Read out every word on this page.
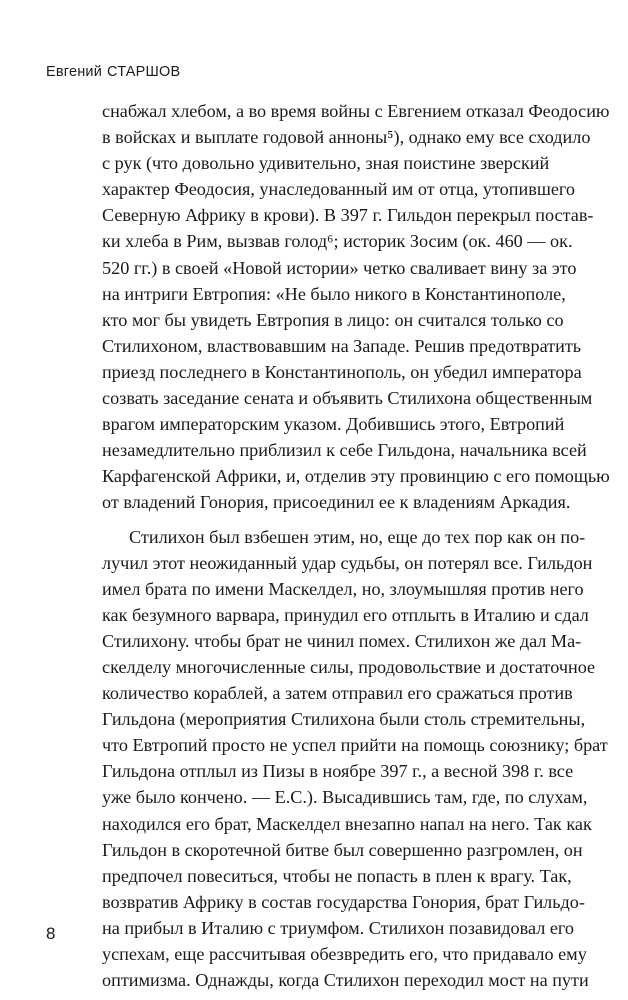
Евгений СТАРШОВ
снабжал хлебом, а во время войны с Евгением отказал Феодосию
в войсках и выплате годовой анноны⁵), однако ему все сходило
с рук (что довольно удивительно, зная поистине зверский
характер Феодосия, унаследованный им от отца, утопившего
Северную Африку в крови). В 397 г. Гильдон перекрыл постав-
ки хлеба в Рим, вызвав голод⁶; историк Зосим (ок. 460 — ок.
520 гг.) в своей «Новой истории» четко сваливает вину за это
на интриги Евтропия: «Не было никого в Константинополе,
кто мог бы увидеть Евтропия в лицо: он считался только со
Стилихоном, властвовавшим на Западе. Решив предотвратить
приезд последнего в Константинополь, он убедил императора
созвать заседание сената и объявить Стилихона общественным
врагом императорским указом. Добившись этого, Евтропий
незамедлительно приблизил к себе Гильдона, начальника всей
Карфагенской Африки, и, отделив эту провинцию с его помощью
от владений Гонория, присоединил ее к владениям Аркадия.
Стилихон был взбешен этим, но, еще до тех пор как он по-
лучил этот неожиданный удар судьбы, он потерял все. Гильдон
имел брата по имени Маскелдел, но, злоумышляя против него
как безумного варвара, принудил его отплыть в Италию и сдал
Стилихону. чтобы брат не чинил помех. Стилихон же дал Ма-
скелделу многочисленные силы, продовольствие и достаточное
количество кораблей, а затем отправил его сражаться против
Гильдона (мероприятия Стилихона были столь стремительны,
что Евтропий просто не успел прийти на помощь союзнику; брат
Гильдона отплыл из Пизы в ноябре 397 г., а весной 398 г. все
уже было кончено. — Е.С.). Высадившись там, где, по слухам,
находился его брат, Маскелдел внезапно напал на него. Так как
Гильдон в скоротечной битве был совершенно разгромлен, он
предпочел повеситься, чтобы не попасть в плен к врагу. Так,
возвратив Африку в состав государства Гонория, брат Гильдо-
на прибыл в Италию с триумфом. Стилихон позавидовал его
успехам, еще рассчитывая обезвредить его, что придавало ему
оптимизма. Однажды, когда Стилихон переходил мост на пути
8
